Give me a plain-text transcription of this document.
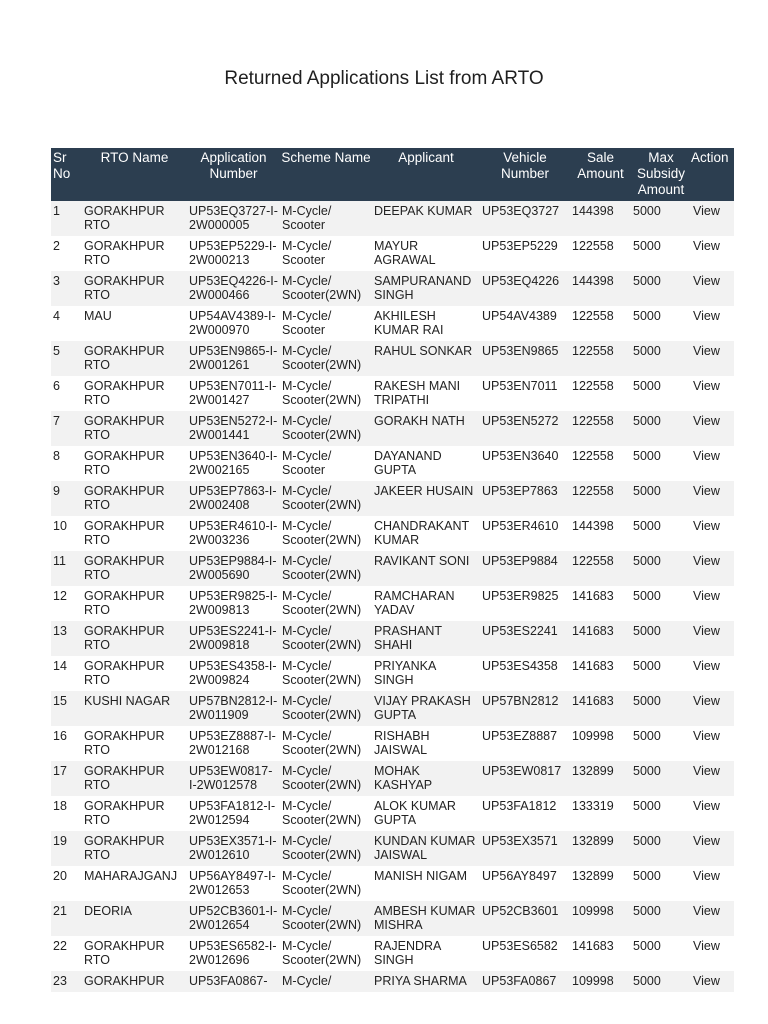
Returned Applications List from ARTO
Sr No	RTO Name	Application Number	Scheme Name	Applicant	Vehicle Number	Sale Amount	Max Subsidy Amount	Action
1	GORAKHPUR RTO	UP53EQ3727-I-2W000005	M-Cycle/ Scooter	DEEPAK KUMAR	UP53EQ3727	144398	5000	View
2	GORAKHPUR RTO	UP53EP5229-I-2W000213	M-Cycle/ Scooter	MAYUR AGRAWAL	UP53EP5229	122558	5000	View
3	GORAKHPUR RTO	UP53EQ4226-I-2W000466	M-Cycle/ Scooter(2WN)	SAMPURANAND SINGH	UP53EQ4226	144398	5000	View
4	MAU	UP54AV4389-I-2W000970	M-Cycle/ Scooter	AKHILESH KUMAR RAI	UP54AV4389	122558	5000	View
5	GORAKHPUR RTO	UP53EN9865-I-2W001261	M-Cycle/ Scooter(2WN)	RAHUL SONKAR	UP53EN9865	122558	5000	View
6	GORAKHPUR RTO	UP53EN7011-I-2W001427	M-Cycle/ Scooter(2WN)	RAKESH MANI TRIPATHI	UP53EN7011	122558	5000	View
7	GORAKHPUR RTO	UP53EN5272-I-2W001441	M-Cycle/ Scooter(2WN)	GORAKH NATH	UP53EN5272	122558	5000	View
8	GORAKHPUR RTO	UP53EN3640-I-2W002165	M-Cycle/ Scooter	DAYANAND GUPTA	UP53EN3640	122558	5000	View
9	GORAKHPUR RTO	UP53EP7863-I-2W002408	M-Cycle/ Scooter(2WN)	JAKEER HUSAIN	UP53EP7863	122558	5000	View
10	GORAKHPUR RTO	UP53ER4610-I-2W003236	M-Cycle/ Scooter(2WN)	CHANDRAKANT KUMAR	UP53ER4610	144398	5000	View
11	GORAKHPUR RTO	UP53EP9884-I-2W005690	M-Cycle/ Scooter(2WN)	RAVIKANT SONI	UP53EP9884	122558	5000	View
12	GORAKHPUR RTO	UP53ER9825-I-2W009813	M-Cycle/ Scooter(2WN)	RAMCHARAN YADAV	UP53ER9825	141683	5000	View
13	GORAKHPUR RTO	UP53ES2241-I-2W009818	M-Cycle/ Scooter(2WN)	PRASHANT SHAHI	UP53ES2241	141683	5000	View
14	GORAKHPUR RTO	UP53ES4358-I-2W009824	M-Cycle/ Scooter(2WN)	PRIYANKA SINGH	UP53ES4358	141683	5000	View
15	KUSHI NAGAR	UP57BN2812-I-2W011909	M-Cycle/ Scooter(2WN)	VIJAY PRAKASH GUPTA	UP57BN2812	141683	5000	View
16	GORAKHPUR RTO	UP53EZ8887-I-2W012168	M-Cycle/ Scooter(2WN)	RISHABH JAISWAL	UP53EZ8887	109998	5000	View
17	GORAKHPUR RTO	UP53EW0817-I-2W012578	M-Cycle/ Scooter(2WN)	MOHAK KASHYAP	UP53EW0817	132899	5000	View
18	GORAKHPUR RTO	UP53FA1812-I-2W012594	M-Cycle/ Scooter(2WN)	ALOK KUMAR GUPTA	UP53FA1812	133319	5000	View
19	GORAKHPUR RTO	UP53EX3571-I-2W012610	M-Cycle/ Scooter(2WN)	KUNDAN KUMAR JAISWAL	UP53EX3571	132899	5000	View
20	MAHARAJGANJ	UP56AY8497-I-2W012653	M-Cycle/ Scooter(2WN)	MANISH NIGAM	UP56AY8497	132899	5000	View
21	DEORIA	UP52CB3601-I-2W012654	M-Cycle/ Scooter(2WN)	AMBESH KUMAR MISHRA	UP52CB3601	109998	5000	View
22	GORAKHPUR RTO	UP53ES6582-I-2W012696	M-Cycle/ Scooter(2WN)	RAJENDRA SINGH	UP53ES6582	141683	5000	View
23	GORAKHPUR	UP53FA0867-	M-Cycle/	PRIYA SHARMA	UP53FA0867	109998	5000	View
